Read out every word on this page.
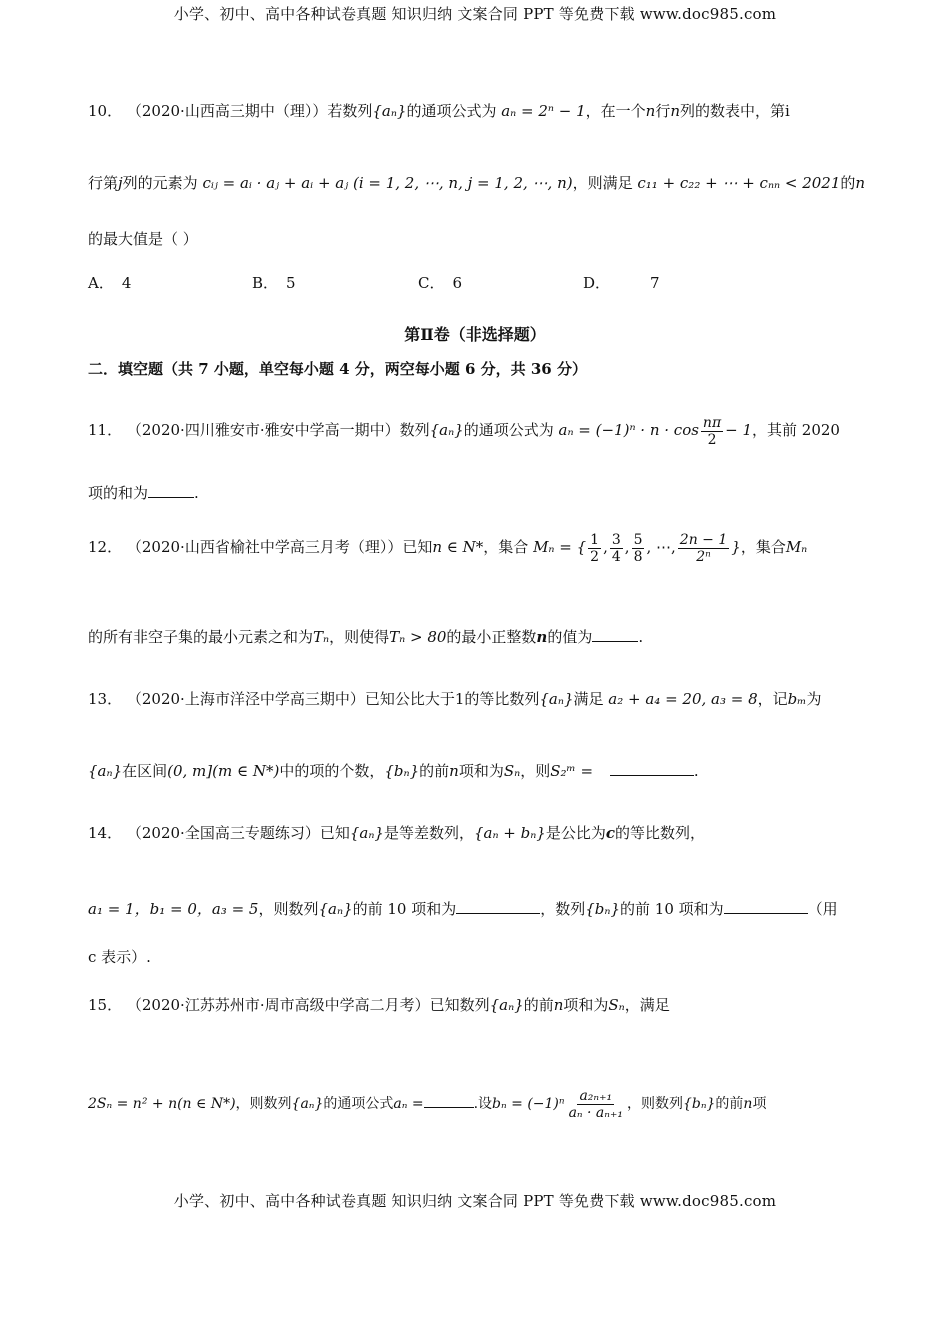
小学、初中、高中各种试卷真题 知识归纳 文案合同 PPT 等免费下载 www.doc985.com
10． （2020·山西高三期中（理））若数列{aₙ}的通项公式为 aₙ = 2ⁿ − 1，在一个n行n列的数表中，第i
行第j列的元素为 cᵢⱼ = aᵢ · aⱼ + aᵢ + aⱼ (i = 1, 2, ⋯, n, j = 1, 2, ⋯, n)，则满足 c₁₁ + c₂₂ + ⋯ + cₙₙ < 2021的n
的最大值是（ ）
A． 4	B． 5	C． 6	D．	7
第Ⅱ卷（非选择题）
二．填空题（共 7 小题，单空每小题 4 分，两空每小题 6 分，共 36 分）
11． （2020·四川雅安市·雅安中学高一期中）数列{aₙ}的通项公式为 $a_n = (-1)^n \cdot n \cdot \cos \frac{n\pi}{2} - 1$，其前 2020
项的和为	.
12． （2020·山西省榆社中学高三月考（理））已知n ∈ N*，集合 Mₙ = { $\frac{1}{2}$ , $\frac{3}{4}$ , $\frac{5}{8}$ , ⋯, $\frac{2n - 1}{\text{2ⁿ}}$ }，集合Mₙ
的所有非空子集的最小元素之和为Tₙ，则使得Tₙ > 80的最小正整数n的值为	.
13． （2020·上海市洋泾中学高三期中）已知公比大于1的等比数列{aₙ}满足 a₂ + a₄ = 20, a₃ = 8，记bₘ为
{aₙ}在区间(0, m](m ∈ N*)中的项的个数，{bₙ}的前n项和为Sₙ，则S₂ᵐ =	.
14． （2020·全国高三专题练习）已知{aₙ}是等差数列，{aₙ + bₙ}是公比为c的等比数列，
a₁ = 1，b₁ = 0，a₃ = 5，则数列{aₙ}的前 10 项和为	，数列{bₙ}的前 10 项和为	（用
c 表示）.
15． （2020·江苏苏州市·周市高级中学高二月考）已知数列{aₙ}的前n项和为Sₙ，满足
2Sₙ = n² + n(n ∈ N*)，则数列{aₙ}的通项公式aₙ =	.设$b_n = (-1)^n \frac{\text{a₂ₙ₊₁}}{\text{aₙ · aₙ₊₁}}$ ，则数列{bₙ}的前n项
小学、初中、高中各种试卷真题 知识归纳 文案合同 PPT 等免费下载 www.doc985.com
